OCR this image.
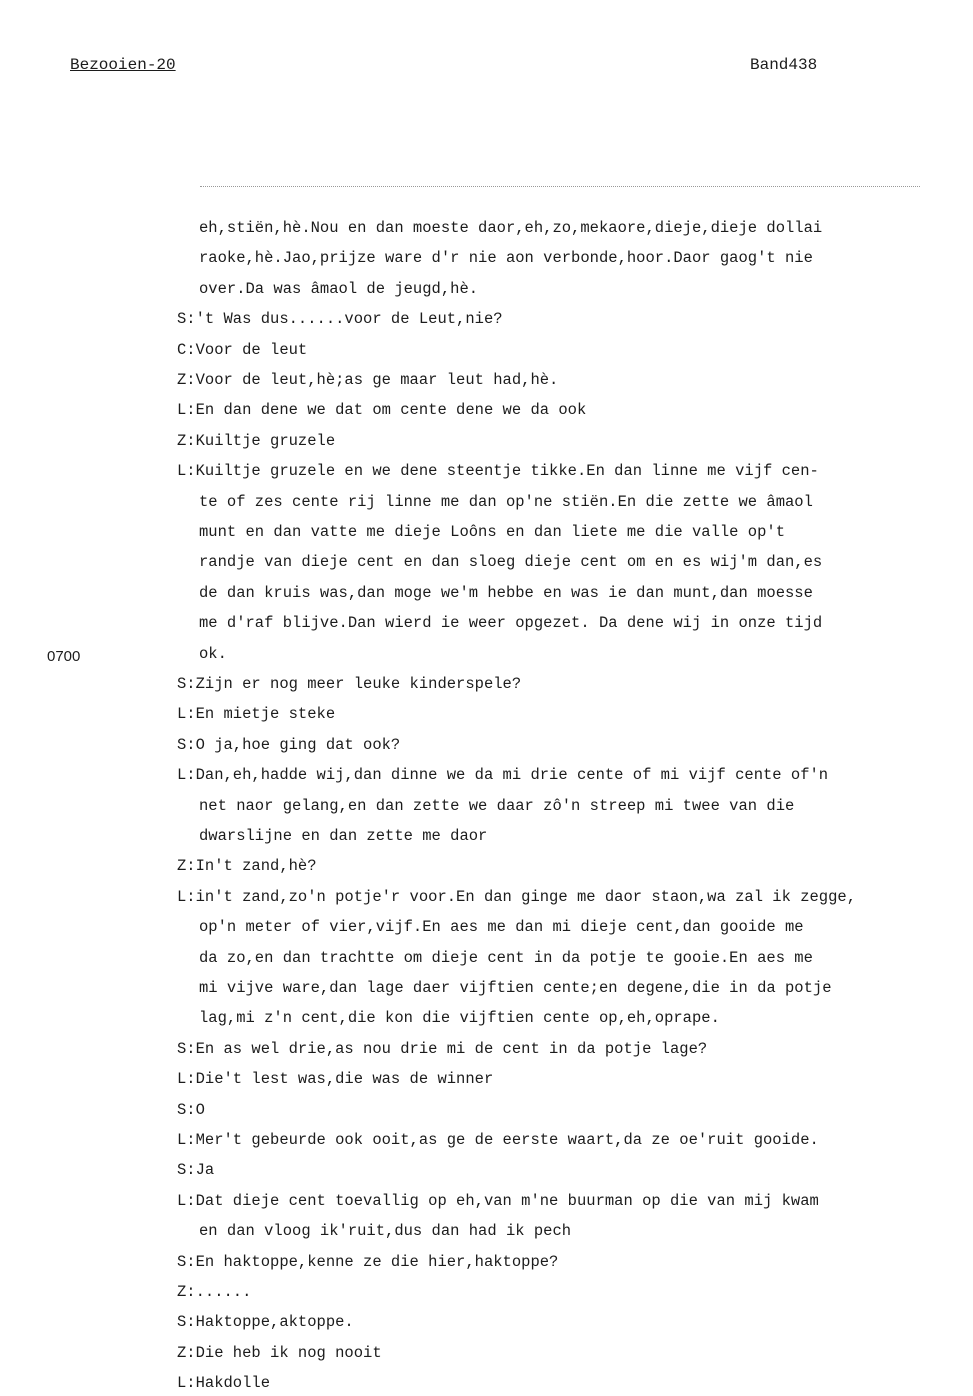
Bezooien-20	Band438
0700
eh,stiën,hè.Nou en dan moeste daor,eh,zo,mekaore,dieje,dieje dollai
raoke,hè.Jao,prijze ware d'r nie aon verbonde,hoor.Daor gaog't nie
over.Da was âmaol de jeugd,hè.
S:'t Was dus......voor de Leut,nie?
C:Voor de leut
Z:Voor de leut,hè;as ge maar leut had,hè.
L:En dan dene we dat om cente dene we da ook
Z:Kuiltje gruzele
L:Kuiltje gruzele en we dene steentje tikke.En dan linne me vijf cen-
te of zes cente rij linne me dan op'ne stiën.En die zette we âmaol
munt en dan vatte me dieje Loôns en dan liete me die valle op't
randje van dieje cent en dan sloeg dieje cent om en es wij'm dan,es
de dan kruis was,dan moge we'm hebbe en was ie dan munt,dan moesse
me d'raf blijve.Dan wierd ie weer opgezet. Da dene wij in onze tijd
ok.
S:Zijn er nog meer leuke kinderspele?
L:En mietje steke
S:O ja,hoe ging dat ook?
L:Dan,eh,hadde wij,dan dinne we da mi drie cente of mi vijf cente of'n
net naor gelang,en dan zette we daar zô'n streep mi twee van die
dwarslijne en dan zette me daor
Z:In't zand,hè?
L:in't zand,zo'n potje'r voor.En dan ginge me daor staon,wa zal ik zegge,
op'n meter of vier,vijf.En aes me dan mi dieje cent,dan gooide me
da zo,en dan trachtte om dieje cent in da potje te gooie.En aes me
mi vijve ware,dan lage daer vijftien cente;en degene,die in da potje
lag,mi z'n cent,die kon die vijftien cente op,eh,oprape.
S:En as wel drie,as nou drie mi de cent in da potje lage?
L:Die't lest was,die was de winner
S:O
L:Mer't gebeurde ook ooit,as ge de eerste waart,da ze oe'ruit gooide.
S:Ja
L:Dat dieje cent toevallig op eh,van m'ne buurman op die van mij kwam
en dan vloog ik'ruit,dus dan had ik pech
S:En haktoppe,kenne ze die hier,haktoppe?
Z:......
S:Haktoppe,aktoppe.
Z:Die heb ik nog nooit
L:Hakdolle
